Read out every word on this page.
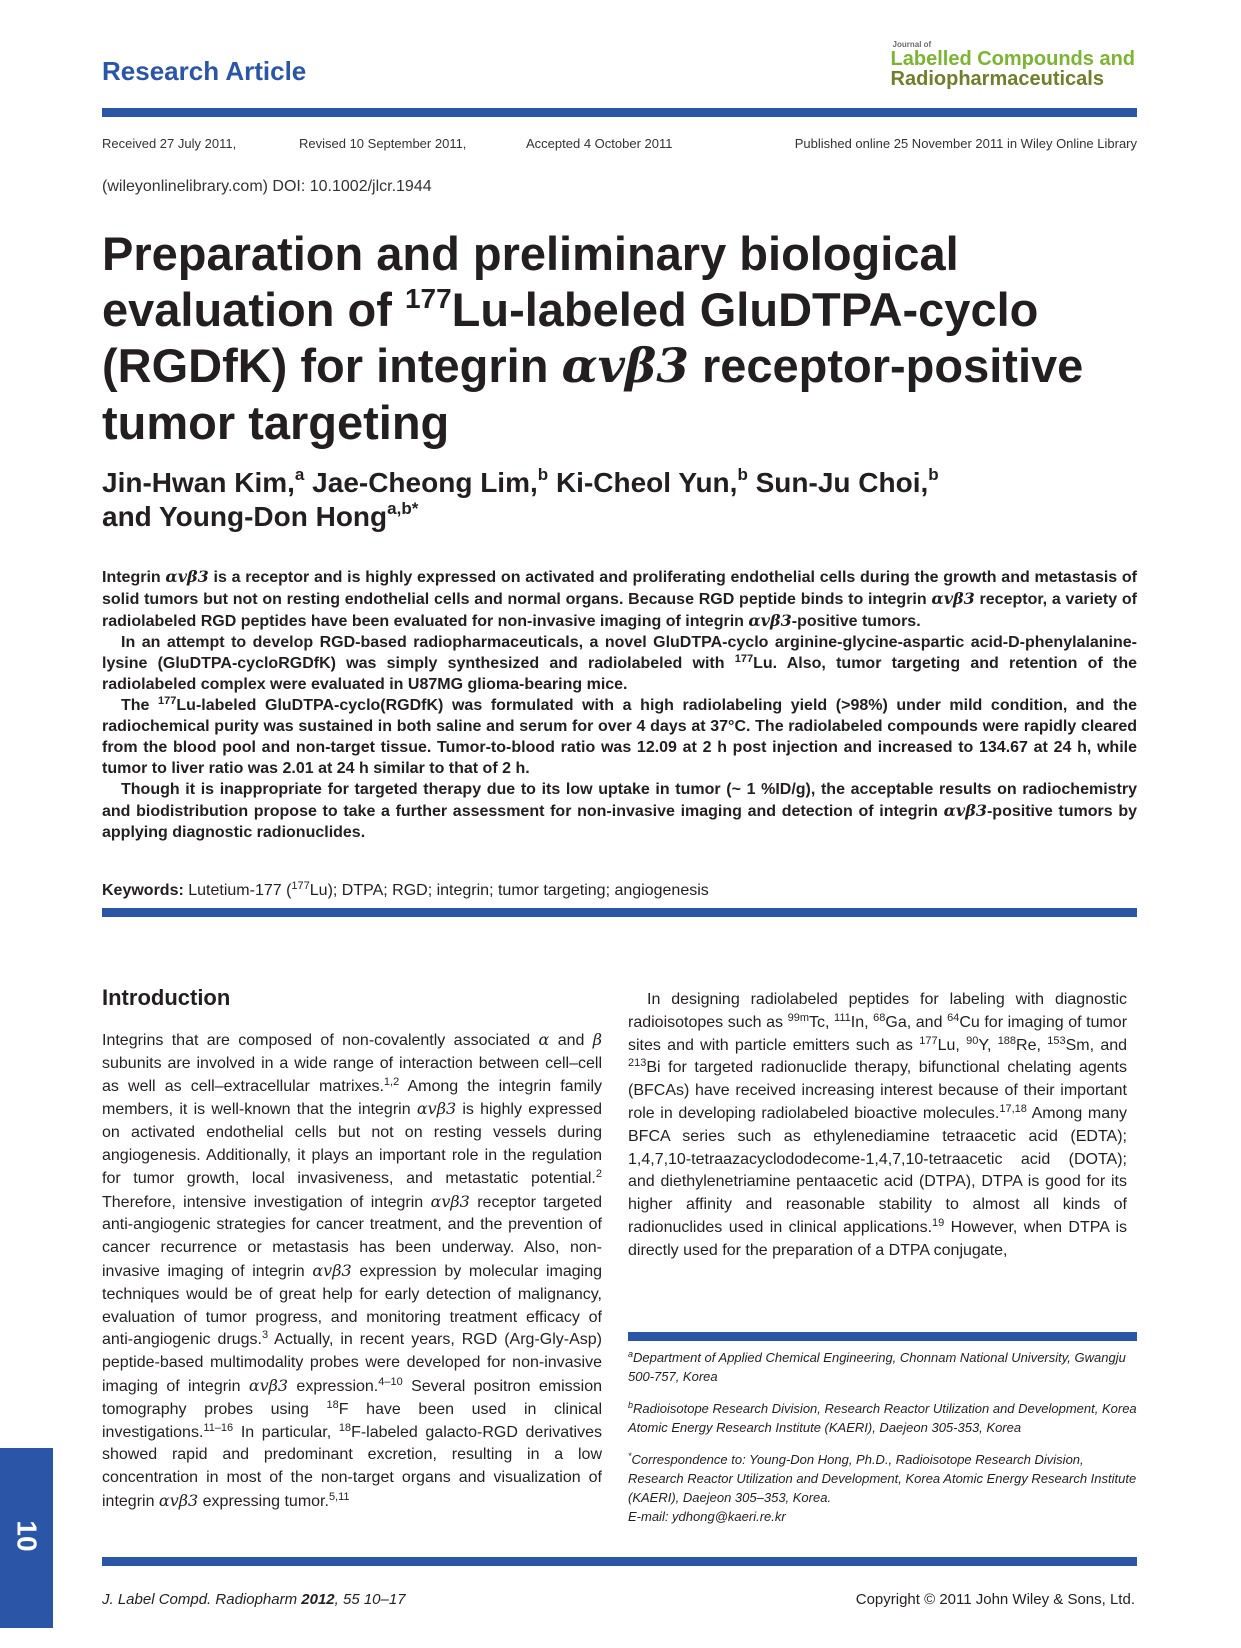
Research Article
Journal of
Labelled Compounds and
Radiopharmaceuticals
Received 27 July 2011,	Revised 10 September 2011,	Accepted 4 October 2011	Published online 25 November 2011 in Wiley Online Library
(wileyonlinelibrary.com) DOI: 10.1002/jlcr.1944
Preparation and preliminary biological evaluation of $^{177}$Lu-labeled GluDTPA-cyclo (RGDfK) for integrin αvβ3 receptor-positive tumor targeting

Jin-Hwan Kim,$^a$ Jae-Cheong Lim,$^b$ Ki-Cheol Yun,$^b$ Sun-Ju Choi,$^b$
and Young-Don Hong$^{a,b*}$

Integrin αvβ3 is a receptor and is highly expressed on activated and proliferating endothelial cells during the growth and metastasis of solid tumors but not on resting endothelial cells and normal organs. Because RGD peptide binds to integrin αvβ3 receptor, a variety of radiolabeled RGD peptides have been evaluated for non-invasive imaging of integrin αvβ3-positive tumors.

In an attempt to develop RGD-based radiopharmaceuticals, a novel GluDTPA-cyclo arginine-glycine-aspartic acid-D-phenylalanine-lysine (GluDTPA-cycloRGDfK) was simply synthesized and radiolabeled with $^{177}$Lu. Also, tumor targeting and retention of the radiolabeled complex were evaluated in U87MG glioma-bearing mice.

The $^{177}$Lu-labeled GluDTPA-cyclo(RGDfK) was formulated with a high radiolabeling yield (>98%) under mild condition, and the radiochemical purity was sustained in both saline and serum for over 4 days at 37°C. The radiolabeled compounds were rapidly cleared from the blood pool and non-target tissue. Tumor-to-blood ratio was 12.09 at 2 h post injection and increased to 134.67 at 24 h, while tumor to liver ratio was 2.01 at 24 h similar to that of 2 h.

Though it is inappropriate for targeted therapy due to its low uptake in tumor (~ 1 %ID/g), the acceptable results on radiochemistry and biodistribution propose to take a further assessment for non-invasive imaging and detection of integrin αvβ3-positive tumors by applying diagnostic radionuclides.

Keywords: Lutetium-177 ($^{177}$Lu); DTPA; RGD; integrin; tumor targeting; angiogenesis
Introduction

Integrins that are composed of non-covalently associated α and β subunits are involved in a wide range of interaction between cell–cell as well as cell–extracellular matrixes.$^{1,2}$ Among the integrin family members, it is well-known that the integrin αvβ3 is highly expressed on activated endothelial cells but not on resting vessels during angiogenesis. Additionally, it plays an important role in the regulation for tumor growth, local invasiveness, and metastatic potential.$^2$ Therefore, intensive investigation of integrin αvβ3 receptor targeted anti-angiogenic strategies for cancer treatment, and the prevention of cancer recurrence or metastasis has been underway. Also, non-invasive imaging of integrin αvβ3 expression by molecular imaging techniques would be of great help for early detection of malignancy, evaluation of tumor progress, and monitoring treatment efficacy of anti-angiogenic drugs.$^3$ Actually, in recent years, RGD (Arg-Gly-Asp) peptide-based multimodality probes were developed for non-invasive imaging of integrin αvβ3 expression.$^{4-10}$ Several positron emission tomography probes using $^{18}$F have been used in clinical investigations.$^{11-16}$ In particular, $^{18}$F-labeled galacto-RGD derivatives showed rapid and predominant excretion, resulting in a low concentration in most of the non-target organs and visualization of integrin αvβ3 expressing tumor.$^{5,11}$

In designing radiolabeled peptides for labeling with diagnostic radioisotopes such as $^{99m}$Tc, $^{111}$In, $^{68}$Ga, and $^{64}$Cu for imaging of tumor sites and with particle emitters such as $^{177}$Lu, $^{90}$Y, $^{188}$Re, $^{153}$Sm, and $^{213}$Bi for targeted radionuclide therapy, bifunctional chelating agents (BFCAs) have received increasing interest because of their important role in developing radiolabeled bioactive molecules.$^{17,18}$ Among many BFCA series such as ethylenediamine tetraacetic acid (EDTA); 1,4,7,10-tetraazacyclododecome-1,4,7,10-tetraacetic acid (DOTA); and diethylenetriamine pentaacetic acid (DTPA), DTPA is good for its higher affinity and reasonable stability to almost all kinds of radionuclides used in clinical applications.$^{19}$ However, when DTPA is directly used for the preparation of a DTPA conjugate,

$^a$Department of Applied Chemical Engineering, Chonnam National University, Gwangju 500-757, Korea

$^b$Radioisotope Research Division, Research Reactor Utilization and Development, Korea Atomic Energy Research Institute (KAERI), Daejeon 305-353, Korea

*Correspondence to: Young-Don Hong, Ph.D., Radioisotope Research Division, Research Reactor Utilization and Development, Korea Atomic Energy Research Institute (KAERI), Daejeon 305–353, Korea.
E-mail: ydhong@kaeri.re.kr

J. Label Compd. Radiopharm 2012, 55 10–17	Copyright © 2011 John Wiley & Sons, Ltd.
10
